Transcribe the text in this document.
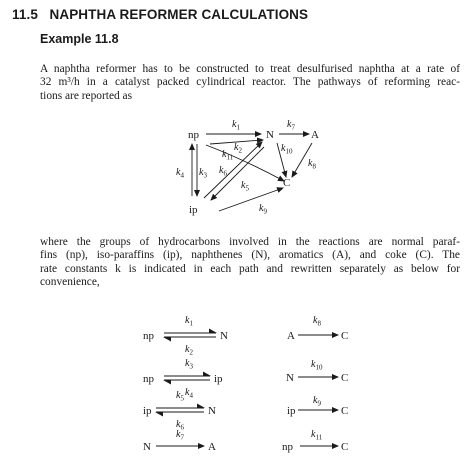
11.5 NAPHTHA REFORMER CALCULATIONS
Example 11.8
A naphtha reformer has to be constructed to treat desulfurised naphtha at a rate of
32 m³/h in a catalyst packed cylindrical reactor. The pathways of reforming reac-
tions are reported as
where the groups of hydrocarbons involved in the reactions are normal paraf-
fins (np), iso-paraffins (ip), naphthenes (N), aromatics (A), and coke (C). The
rate constants k is indicated in each path and rewritten separately as below for
convenience,
np	N	A
ip
C
$k_1$	$k_7$
$k_2$	$k_{10}$
$k_{11}$
$k_6$
$k_8$
$k_4$ $k_3$
$k_5$
$k_9$
np	N
$k_1$
$k_2$
np	ip
$k_3$
$k_4$
ip	N
$k_5$
$k_6$
N	A
$k_7$
A	C
$k_8$
N	C
$k_{10}$
ip	C
$k_9$
np	C
$k_{11}$
